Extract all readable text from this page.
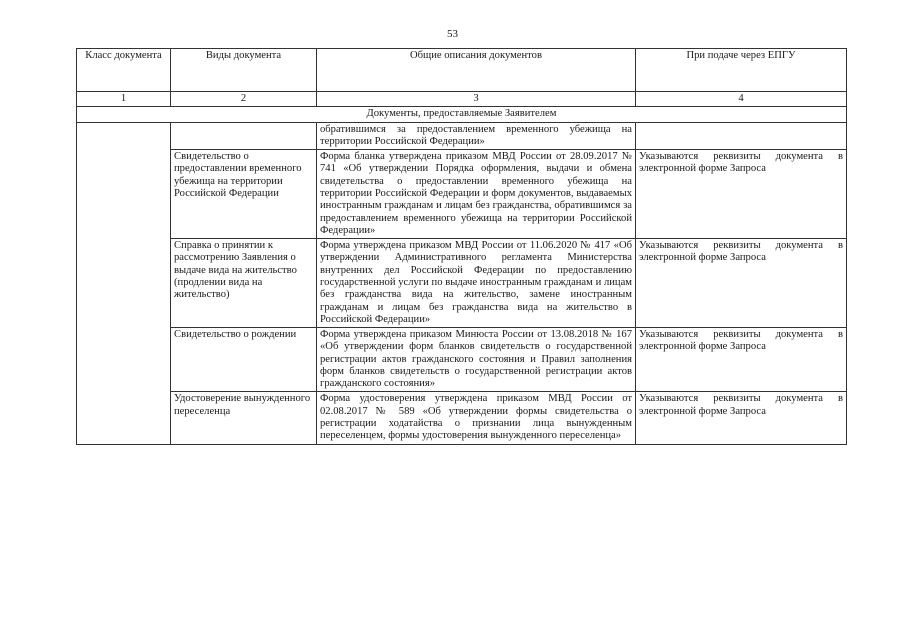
53
Класс документа	Виды документа	Общие описания документов	При подаче через ЕПГУ
1	2	3	4
Документы, предоставляемые Заявителем			
		обратившимся за предоставлением временного убежища на территории Российской Федерации»	
	Свидетельство о предоставлении временного убежища на территории Российской Федерации	Форма бланка утверждена приказом МВД России от 28.09.2017 № 741 «Об утверждении Порядка оформления, выдачи и обмена свидетельства о предоставлении временного убежища на территории Российской Федерации и форм документов, выдаваемых иностранным гражданам и лицам без гражданства, обратившимся за предоставлением временного убежища на территории Российской Федерации»	Указываются реквизиты документа в электронной форме Запроса
	Справка о принятии к рассмотрению Заявления о выдаче вида на жительство (продлении вида на жительство)	Форма утверждена приказом МВД России от 11.06.2020 № 417 «Об утверждении Административного регламента Министерства внутренних дел Российской Федерации по предоставлению государственной услуги по выдаче иностранным гражданам и лицам без гражданства вида на жительство, замене иностранным гражданам и лицам без гражданства вида на жительство в Российской Федерации»	Указываются реквизиты документа в электронной форме Запроса
	Свидетельство о рождении	Форма утверждена приказом Минюста России от 13.08.2018 № 167 «Об утверждении форм бланков свидетельств о государственной регистрации актов гражданского состояния и Правил заполнения форм бланков свидетельств о государственной регистрации актов гражданского состояния»	Указываются реквизиты документа в электронной форме Запроса
	Удостоверение вынужденного переселенца	Форма удостоверения утверждена приказом МВД России от 02.08.2017 № 589 «Об утверждении формы свидетельства о регистрации ходатайства о признании лица вынужденным переселенцем, формы удостоверения вынужденного переселенца»	Указываются реквизиты документа в электронной форме Запроса
